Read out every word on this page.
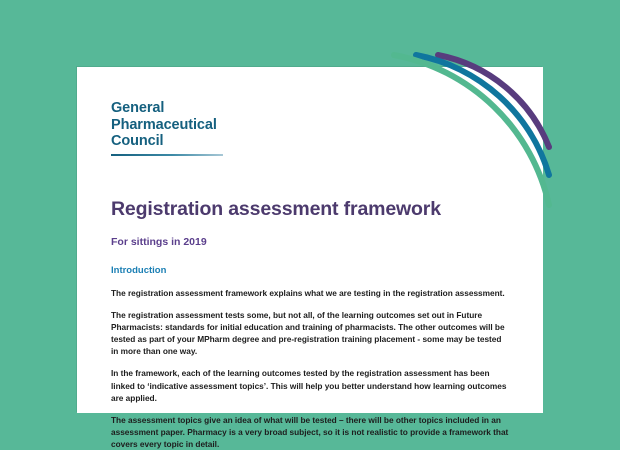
General
Pharmaceutical
Council
Registration assessment framework

For sittings in 2019

Introduction

The registration assessment framework explains what we are testing in the registration assessment.

The registration assessment tests some, but not all, of the learning outcomes set out in Future Pharmacists: standards for initial education and training of pharmacists. The other outcomes will be tested as part of your MPharm degree and pre-registration training placement - some may be tested in more than one way.

In the framework, each of the learning outcomes tested by the registration assessment has been linked to ‘indicative assessment topics’. This will help you better understand how learning outcomes are applied.

The assessment topics give an idea of what will be tested – there will be other topics included in an assessment paper. Pharmacy is a very broad subject, so it is not realistic to provide a framework that covers every topic in detail.
